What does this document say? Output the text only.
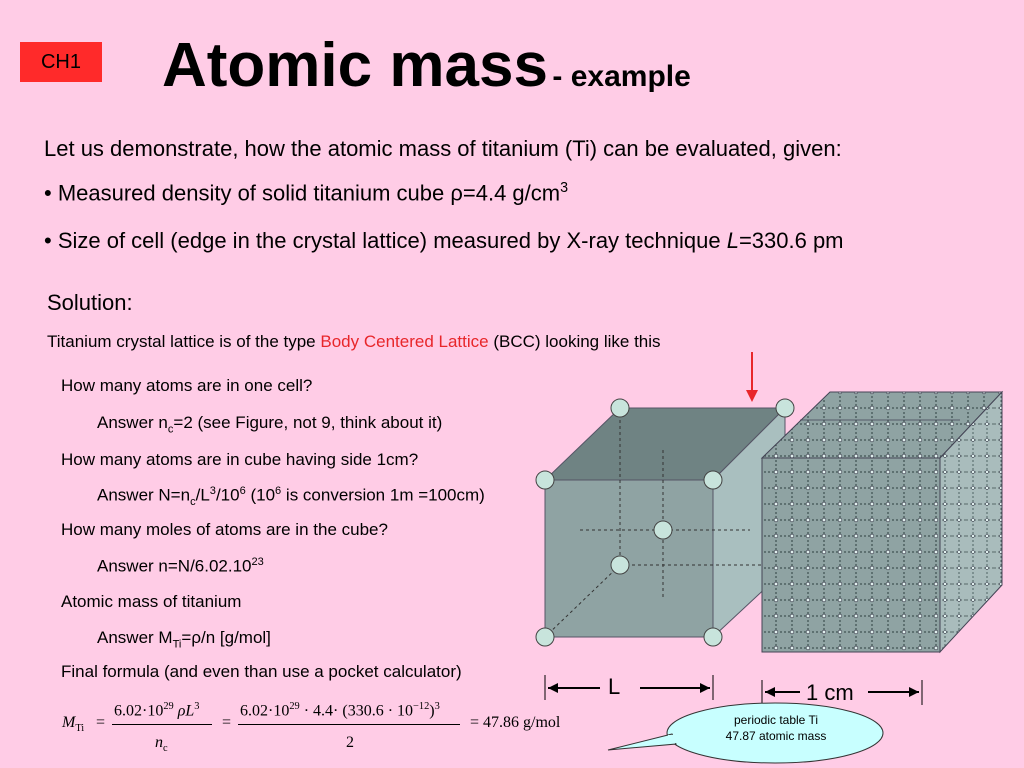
CH1	Atomic mass - example
Let us demonstrate, how the atomic mass of titanium (Ti) can be evaluated, given:
• Measured density of solid titanium cube ρ=4.4 $g/cm^3$
• Size of cell (edge in the crystal lattice) measured by X-ray technique L=330.6 pm
Solution:
Titanium crystal lattice is of the type Body Centered Lattice (BCC) looking like this
How many atoms are in one cell?
Answer $n_c=2$ (see Figure, not 9, think about it)
How many atoms are in cube having side 1cm?
Answer $N=n_c/L^3/10^6$ ($10^6$ is conversion 1m =100cm)
How many moles of atoms are in the cube?
Answer $n=N/6.02.10^{23}$
Atomic mass of titanium
Answer $M_{Ti}=\rho/n$ [g/mol]
Final formula (and even than use a pocket calculator)
$M_{Ti}$ =
$6.02\cdot 10^{29}$ $\rho L^3$
$n_c$
=
$6.02\cdot 10^{29} \cdot 4.4\cdot (330.6 \cdot 10^{-12})^3$
2
= 47.86 g/mol
L	1 cm
periodic table Ti
47.87 atomic mass
